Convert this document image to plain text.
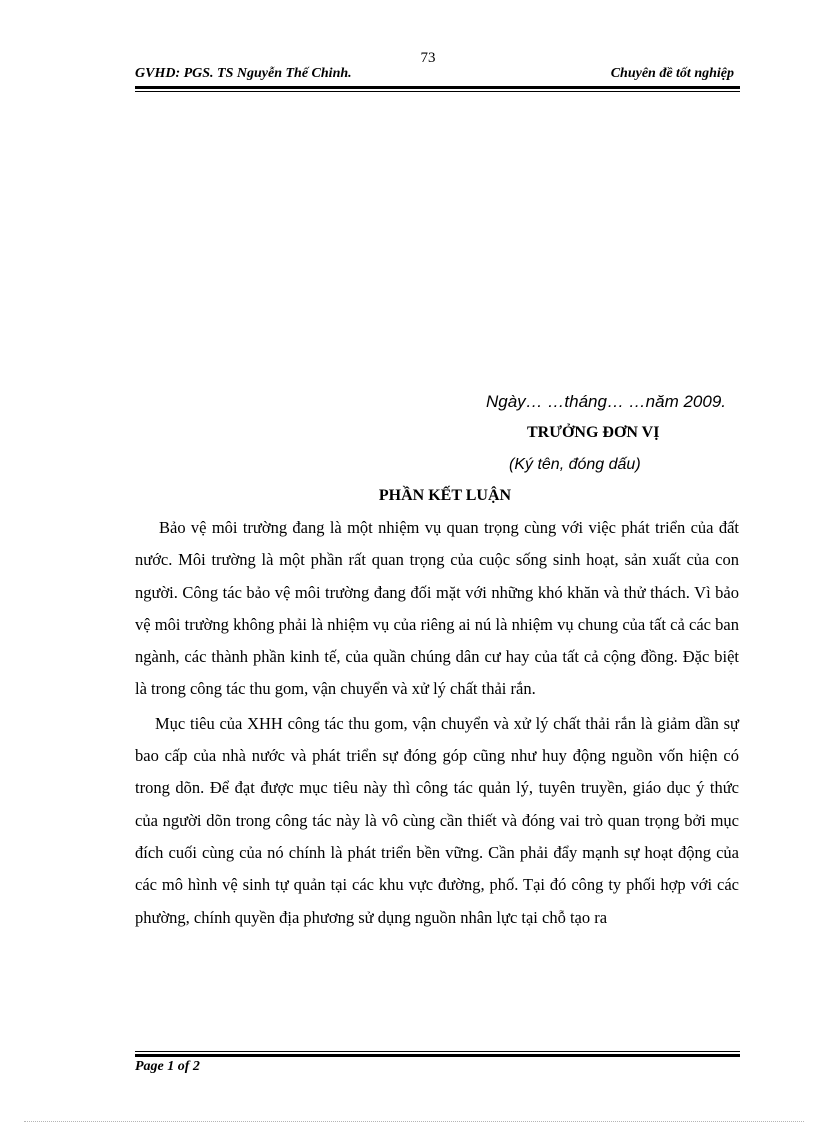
73
GVHD: PGS. TS Nguyễn Thế Chinh.	Chuyên đề tốt nghiệp
Ngày… …tháng… …năm 2009.
TRƯỞNG ĐƠN VỊ
(Ký tên, đóng dấu)
PHẦN KẾT LUẬN

Bảo vệ môi trường đang là một nhiệm vụ quan trọng cùng với việc phát triển của đất nước. Môi trường là một phần rất quan trọng của cuộc sống sinh hoạt, sản xuất của con người. Công tác bảo vệ môi trường đang đối mặt với những khó khăn và thử thách. Vì bảo vệ môi trường không phải là nhiệm vụ của riêng ai nú là nhiệm vụ chung của tất cả các ban ngành, các thành phần kinh tế, của quần chúng dân cư hay của tất cả cộng đồng. Đặc biệt là trong công tác thu gom, vận chuyển và xử lý chất thải rắn.

Mục tiêu của XHH công tác thu gom, vận chuyển và xử lý chất thải rắn là giảm dần sự bao cấp của nhà nước và phát triển sự đóng góp cũng như huy động nguồn vốn hiện có trong dõn. Để đạt được mục tiêu này thì công tác quản lý, tuyên truyền, giáo dục ý thức của người dõn trong công tác này là vô cùng cần thiết và đóng vai trò quan trọng bởi mục đích cuối cùng của nó chính là phát triển bền vững. Cần phải đẩy mạnh sự hoạt động của các mô hình vệ sinh tự quản tại các khu vực đường, phố. Tại đó công ty phối hợp với các phường, chính quyền địa phương sử dụng nguồn nhân lực tại chỗ tạo ra

Page 1 of 2
